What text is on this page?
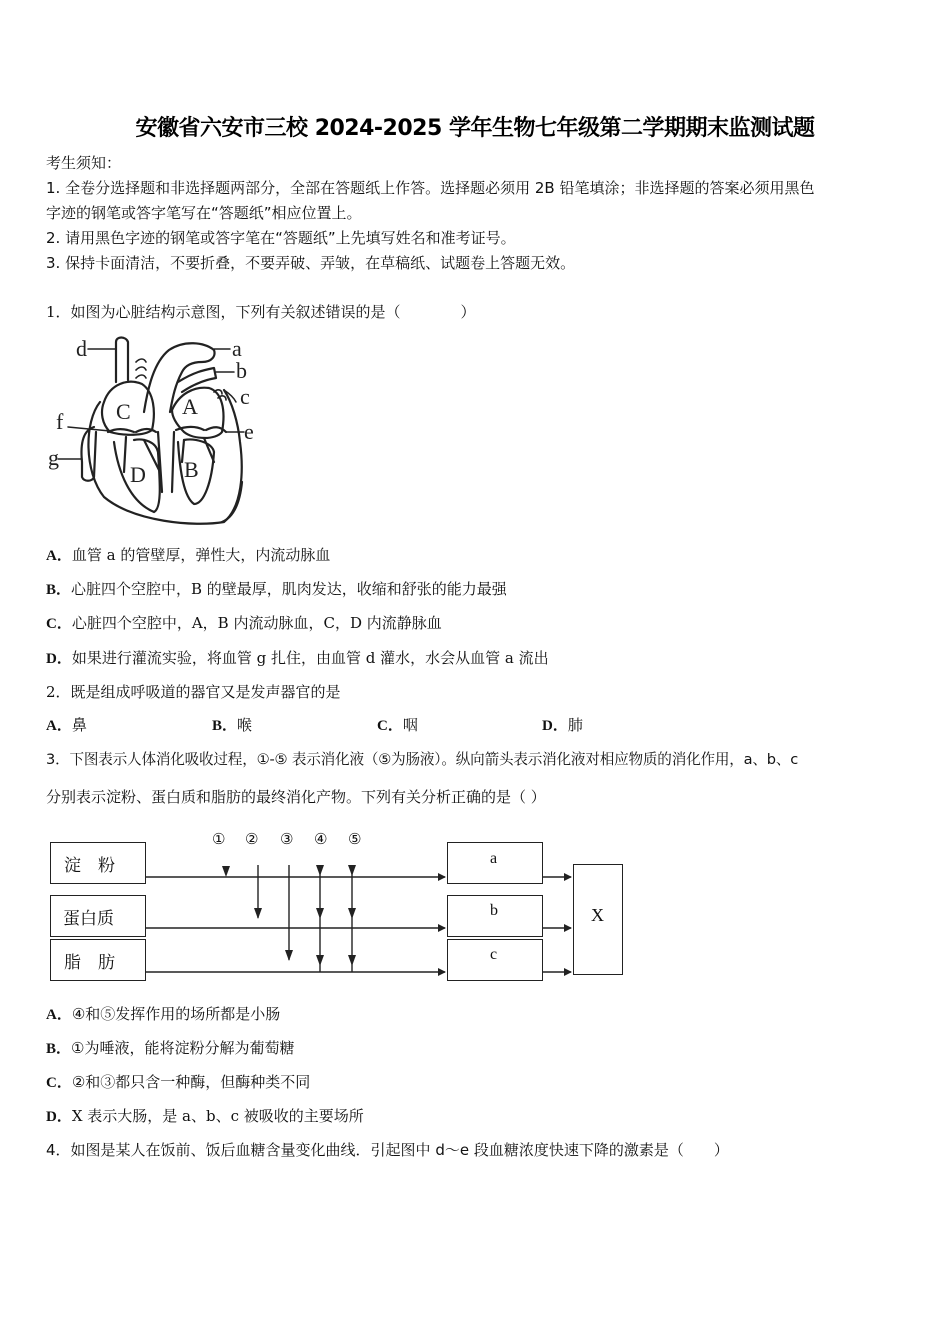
安徽省六安市三校 2024-2025 学年生物七年级第二学期期末监测试题
考生须知：
1. 全卷分选择题和非选择题两部分，全部在答题纸上作答。选择题必须用 2B 铅笔填涂；非选择题的答案必须用黑色
字迹的钢笔或答字笔写在“答题纸”相应位置上。
2. 请用黑色字迹的钢笔或答字笔在“答题纸”上先填写姓名和准考证号。
3. 保持卡面清洁，不要折叠，不要弄破、弄皱，在草稿纸、试题卷上答题无效。
1．如图为心脏结构示意图，下列有关叙述错误的是（　　　　）
d	a
b
c
f	e
g
C A
D B
A．血管 a 的管壁厚，弹性大，内流动脉血
B．心脏四个空腔中，B 的壁最厚，肌肉发达，收缩和舒张的能力最强
C．心脏四个空腔中，A，B 内流动脉血，C，D 内流静脉血
D．如果进行灌流实验，将血管 g 扎住，由血管 d 灌水，水会从血管 a 流出
2．既是组成呼吸道的器官又是发声器官的是
A．鼻	B．喉	C．咽	D．肺
3．下图表示人体消化吸收过程，①-⑤ 表示消化液（⑤为肠液）。纵向箭头表示消化液对相应物质的消化作用，a、b、c
分别表示淀粉、蛋白质和脂肪的最终消化产物。下列有关分析正确的是（ ）
淀　粉
蛋白质
脂　肪
a
b
c
X
① ② ③ ④ ⑤
A．④和⑤发挥作用的场所都是小肠
B．①为唾液，能将淀粉分解为葡萄糖
C．②和③都只含一种酶，但酶种类不同
D．X 表示大肠，是 a、b、c 被吸收的主要场所
4．如图是某人在饭前、饭后血糖含量变化曲线．引起图中 d～e 段血糖浓度快速下降的激素是（　　）
